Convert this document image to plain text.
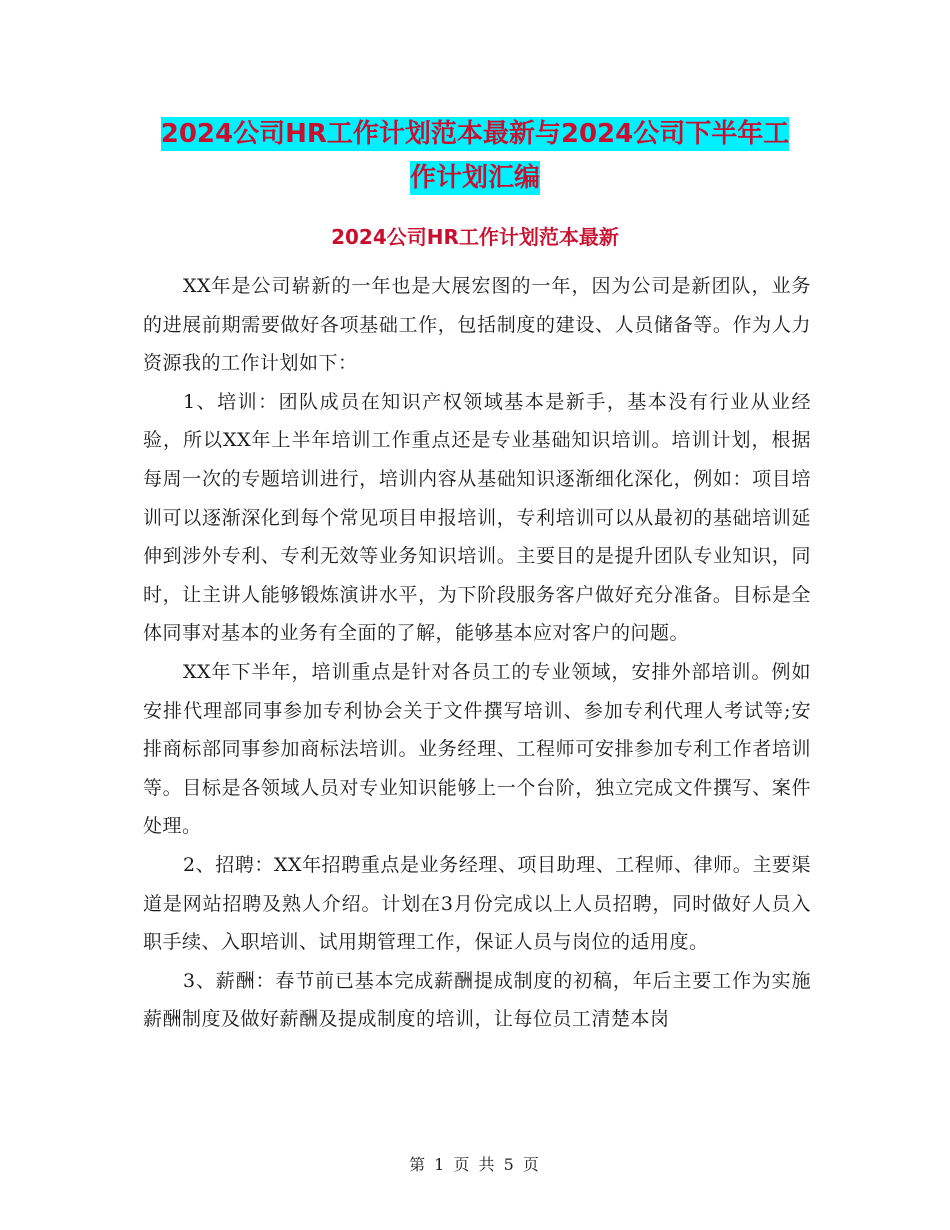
2024公司HR工作计划范本最新与2024公司下半年工
作计划汇编
2024公司HR工作计划范本最新

XX年是公司崭新的一年也是大展宏图的一年，因为公司是新团队，业务的进展前期需要做好各项基础工作，包括制度的建设、人员储备等。作为人力资源我的工作计划如下：

1、培训：团队成员在知识产权领域基本是新手，基本没有行业从业经验，所以XX年上半年培训工作重点还是专业基础知识培训。培训计划，根据每周一次的专题培训进行，培训内容从基础知识逐渐细化深化，例如：项目培训可以逐渐深化到每个常见项目申报培训，专利培训可以从最初的基础培训延伸到涉外专利、专利无效等业务知识培训。主要目的是提升团队专业知识，同时，让主讲人能够锻炼演讲水平，为下阶段服务客户做好充分准备。目标是全体同事对基本的业务有全面的了解，能够基本应对客户的问题。

XX年下半年，培训重点是针对各员工的专业领域，安排外部培训。例如安排代理部同事参加专利协会关于文件撰写培训、参加专利代理人考试等;安排商标部同事参加商标法培训。业务经理、工程师可安排参加专利工作者培训等。目标是各领域人员对专业知识能够上一个台阶，独立完成文件撰写、案件处理。

2、招聘：XX年招聘重点是业务经理、项目助理、工程师、律师。主要渠道是网站招聘及熟人介绍。计划在3月份完成以上人员招聘，同时做好人员入职手续、入职培训、试用期管理工作，保证人员与岗位的适用度。

3、薪酬：春节前已基本完成薪酬提成制度的初稿，年后主要工作为实施薪酬制度及做好薪酬及提成制度的培训，让每位员工清楚本岗

第 1 页 共 5 页
